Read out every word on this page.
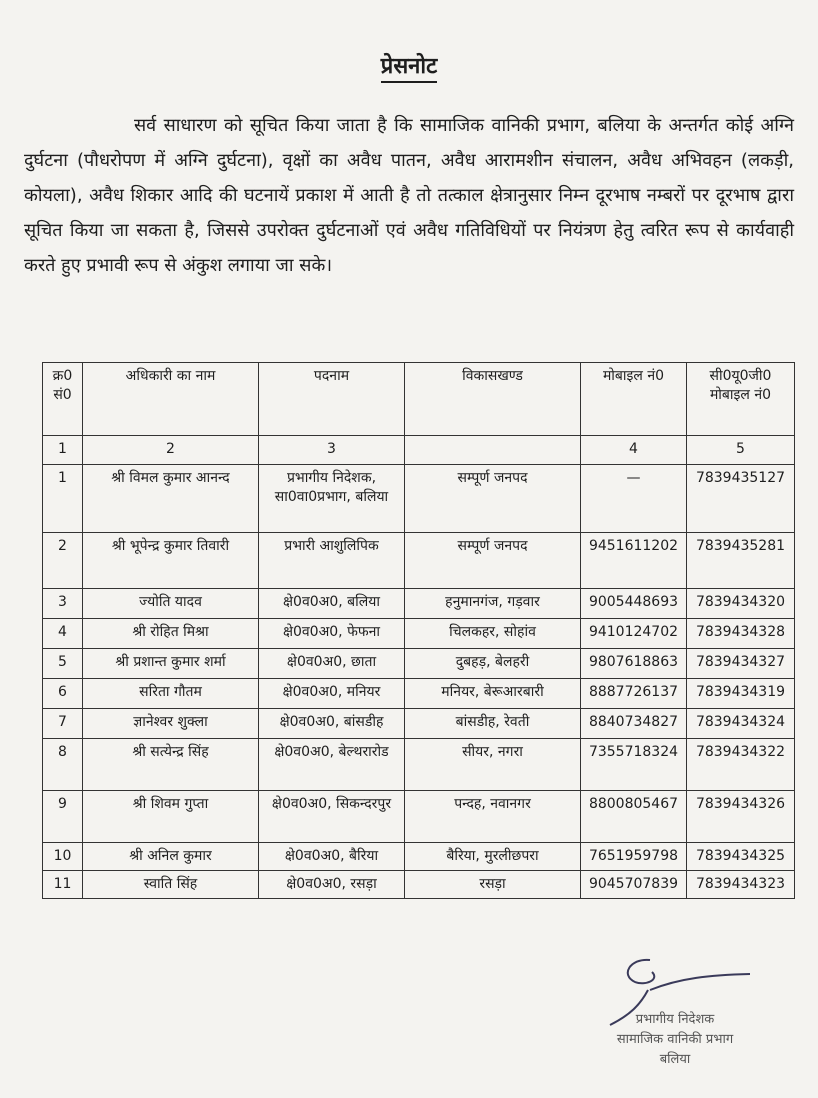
प्रेसनोट
सर्व साधारण को सूचित किया जाता है कि सामाजिक वानिकी प्रभाग, बलिया के अन्तर्गत कोई अग्नि दुर्घटना (पौधरोपण में अग्नि दुर्घटना), वृक्षों का अवैध पातन, अवैध आरामशीन संचालन, अवैध अभिवहन (लकड़ी, कोयला), अवैध शिकार आदि की घटनायें प्रकाश में आती है तो तत्काल क्षेत्रानुसार निम्न दूरभाष नम्बरों पर दूरभाष द्वारा सूचित किया जा सकता है, जिससे उपरोक्त दुर्घटनाओं एवं अवैध गतिविधियों पर नियंत्रण हेतु त्वरित रूप से कार्यवाही करते हुए प्रभावी रूप से अंकुश लगाया जा सके।
क्र0 सं0	अधिकारी का नाम	पदनाम	विकासखण्ड	मोबाइल नं0	सी0यू0जी0 मोबाइल नं0
1	2	3		4	5
1	श्री विमल कुमार आनन्द	प्रभागीय निदेशक, सा0वा0प्रभाग, बलिया	सम्पूर्ण जनपद	—	7839435127
2	श्री भूपेन्द्र कुमार तिवारी	प्रभारी आशुलिपिक	सम्पूर्ण जनपद	9451611202	7839435281
3	ज्योति यादव	क्षे0व0अ0, बलिया	हनुमानगंज, गड़वार	9005448693	7839434320
4	श्री रोहित मिश्रा	क्षे0व0अ0, फेफना	चिलकहर, सोहांव	9410124702	7839434328
5	श्री प्रशान्त कुमार शर्मा	क्षे0व0अ0, छाता	दुबहड़, बेलहरी	9807618863	7839434327
6	सरिता गौतम	क्षे0व0अ0, मनियर	मनियर, बेरूआरबारी	8887726137	7839434319
7	ज्ञानेश्वर शुक्ला	क्षे0व0अ0, बांसडीह	बांसडीह, रेवती	8840734827	7839434324
8	श्री सत्येन्द्र सिंह	क्षे0व0अ0, बेल्थरारोड	सीयर, नगरा	7355718324	7839434322
9	श्री शिवम गुप्ता	क्षे0व0अ0, सिकन्दरपुर	पन्दह, नवानगर	8800805467	7839434326
10	श्री अनिल कुमार	क्षे0व0अ0, बैरिया	बैरिया, मुरलीछपरा	7651959798	7839434325
11	स्वाति सिंह	क्षे0व0अ0, रसड़ा	रसड़ा	9045707839	7839434323
प्रभागीय निदेशक
सामाजिक वानिकी प्रभाग
बलिया
